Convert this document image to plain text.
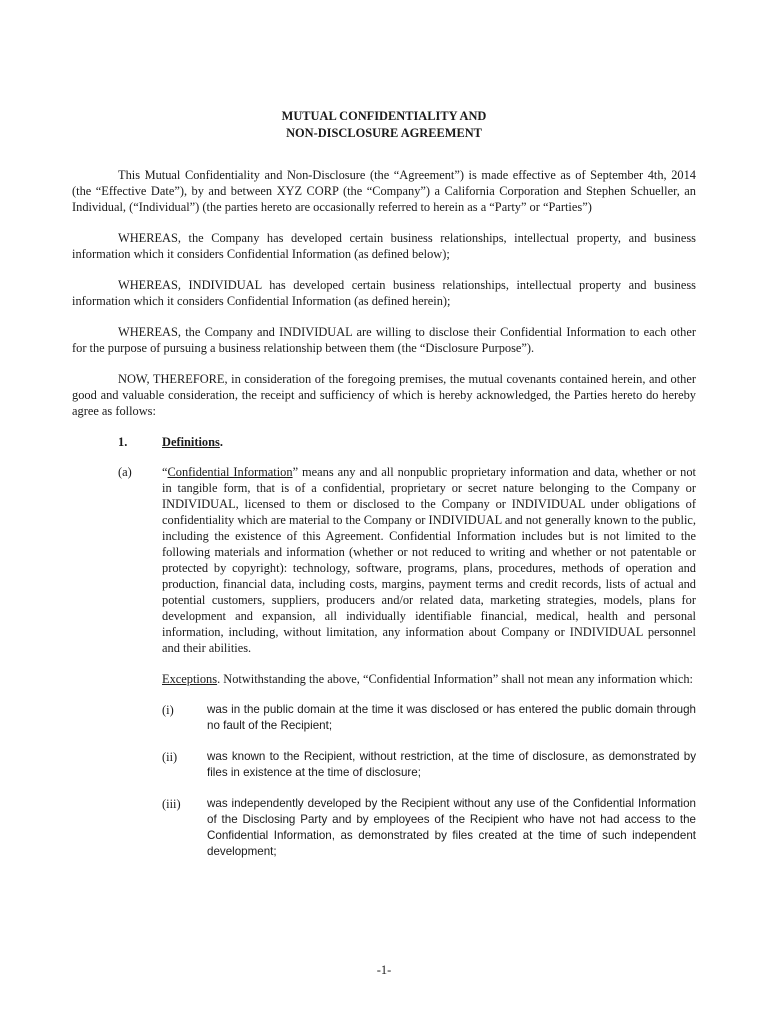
MUTUAL CONFIDENTIALITY AND
NON-DISCLOSURE AGREEMENT

This Mutual Confidentiality and Non-Disclosure (the “Agreement”) is made effective as of September 4th, 2014 (the “Effective Date”), by and between XYZ CORP (the “Company”) a California Corporation and Stephen Schueller, an Individual, (“Individual”) (the parties hereto are occasionally referred to herein as a “Party” or “Parties”)

WHEREAS, the Company has developed certain business relationships, intellectual property, and business information which it considers Confidential Information (as defined below);

WHEREAS, INDIVIDUAL has developed certain business relationships, intellectual property and business information which it considers Confidential Information (as defined herein);

WHEREAS, the Company and INDIVIDUAL are willing to disclose their Confidential Information to each other for the purpose of pursuing a business relationship between them (the “Disclosure Purpose”).

NOW, THEREFORE, in consideration of the foregoing premises, the mutual covenants contained herein, and other good and valuable consideration, the receipt and sufficiency of which is hereby acknowledged, the Parties hereto do hereby agree as follows:

1.	Definitions.
(a)	“Confidential Information” means any and all nonpublic proprietary information and data, whether or not in tangible form, that is of a confidential, proprietary or secret nature belonging to the Company or INDIVIDUAL, licensed to them or disclosed to the Company or INDIVIDUAL under obligations of confidentiality which are material to the Company or INDIVIDUAL and not generally known to the public, including the existence of this Agreement. Confidential Information includes but is not limited to the following materials and information (whether or not reduced to writing and whether or not patentable or protected by copyright): technology, software, programs, plans, procedures, methods of operation and production, financial data, including costs, margins, payment terms and credit records, lists of actual and potential customers, suppliers, producers and/or related data, marketing strategies, models, plans for development and expansion, all individually identifiable financial, medical, health and personal information, including, without limitation, any information about Company or INDIVIDUAL personnel and their abilities.
Exceptions. Notwithstanding the above, “Confidential Information” shall not mean any information which:
(i)	was in the public domain at the time it was disclosed or has entered the public domain through no fault of the Recipient;
(ii)	was known to the Recipient, without restriction, at the time of disclosure, as demonstrated by files in existence at the time of disclosure;
(iii)	was independently developed by the Recipient without any use of the Confidential Information of the Disclosing Party and by employees of the Recipient who have not had access to the Confidential Information, as demonstrated by files created at the time of such independent development;
-1-
